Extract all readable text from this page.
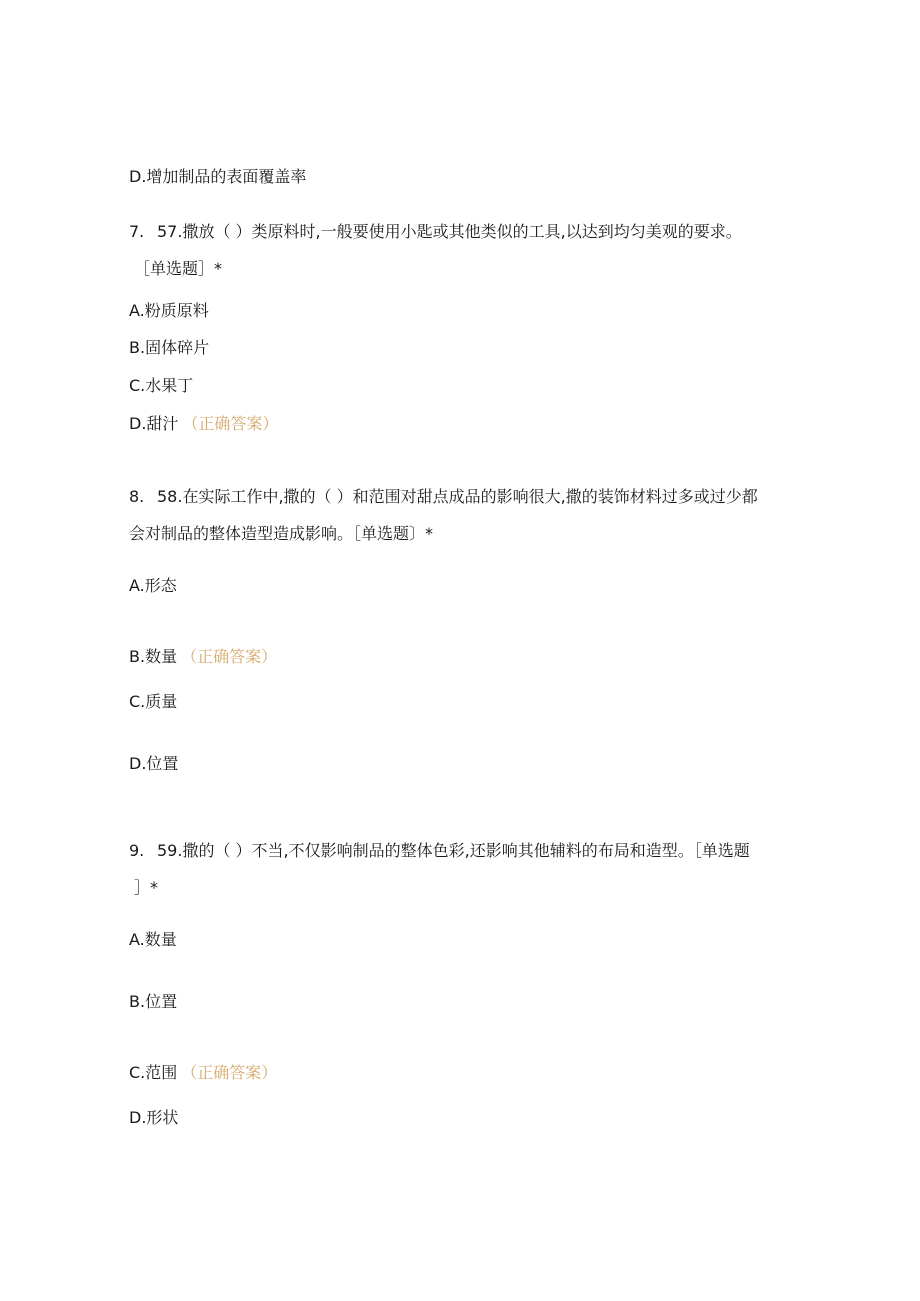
D.增加制品的表面覆盖率
7. 57.撒放（ ）类原料时,一般要使用小匙或其他类似的工具,以达到均匀美观的要求。
［单选题］*
A.粉质原料
B.固体碎片
C.水果丁
D.甜汁 （正确答案）
8. 58.在实际工作中,撒的（ ）和范围对甜点成品的影响很大,撒的装饰材料过多或过少都
会对制品的整体造型造成影响。［单选题〕*
A.形态
B.数量 （正确答案）
C.质量
D.位置
9. 59.撒的（ ）不当,不仅影响制品的整体色彩,还影响其他辅料的布局和造型。［单选题
］*
A.数量
B.位置
C.范围 （正确答案）
D.形状
